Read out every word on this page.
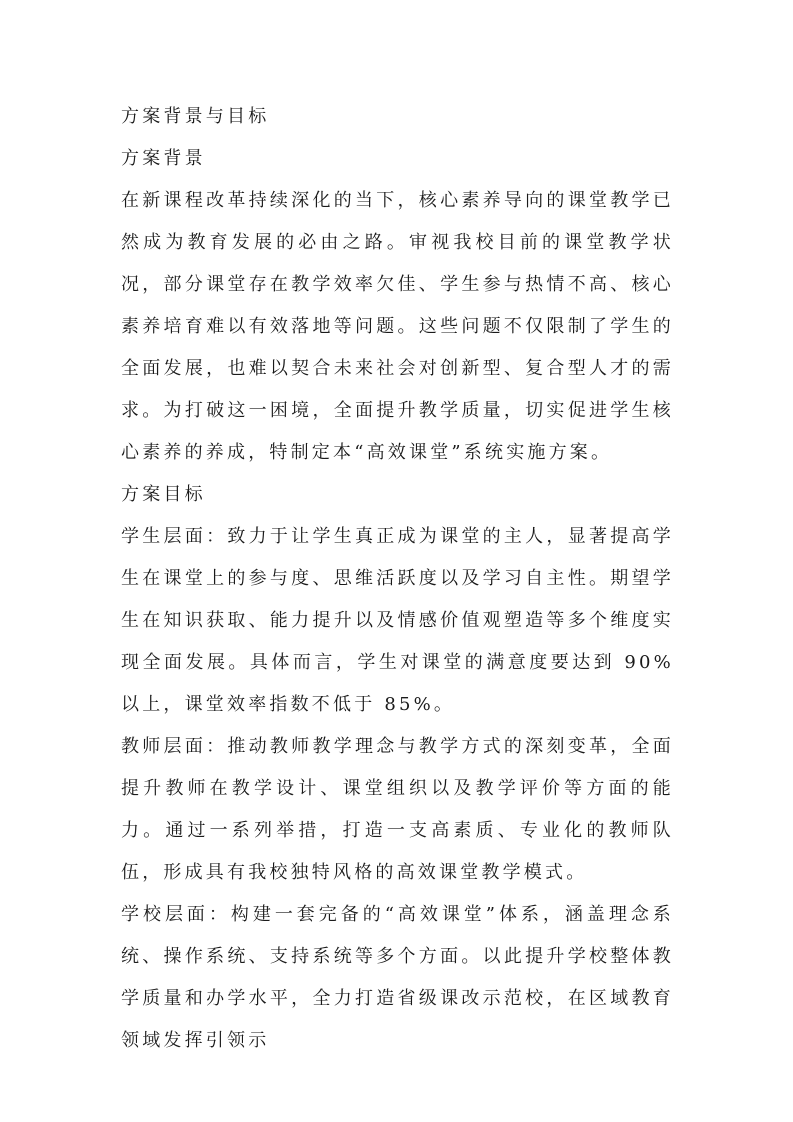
方案背景与目标

方案背景

在新课程改革持续深化的当下，核心素养导向的课堂教学已然成为教育发展的必由之路。审视我校目前的课堂教学状况，部分课堂存在教学效率欠佳、学生参与热情不高、核心素养培育难以有效落地等问题。这些问题不仅限制了学生的全面发展，也难以契合未来社会对创新型、复合型人才的需求。为打破这一困境，全面提升教学质量，切实促进学生核心素养的养成，特制定本“高效课堂”系统实施方案。

方案目标

学生层面：致力于让学生真正成为课堂的主人，显著提高学生在课堂上的参与度、思维活跃度以及学习自主性。期望学生在知识获取、能力提升以及情感价值观塑造等多个维度实现全面发展。具体而言，学生对课堂的满意度要达到 90%以上，课堂效率指数不低于 85%。

教师层面：推动教师教学理念与教学方式的深刻变革，全面提升教师在教学设计、课堂组织以及教学评价等方面的能力。通过一系列举措，打造一支高素质、专业化的教师队伍，形成具有我校独特风格的高效课堂教学模式。

学校层面：构建一套完备的“高效课堂”体系，涵盖理念系统、操作系统、支持系统等多个方面。以此提升学校整体教学质量和办学水平，全力打造省级课改示范校，在区域教育领域发挥引领示
